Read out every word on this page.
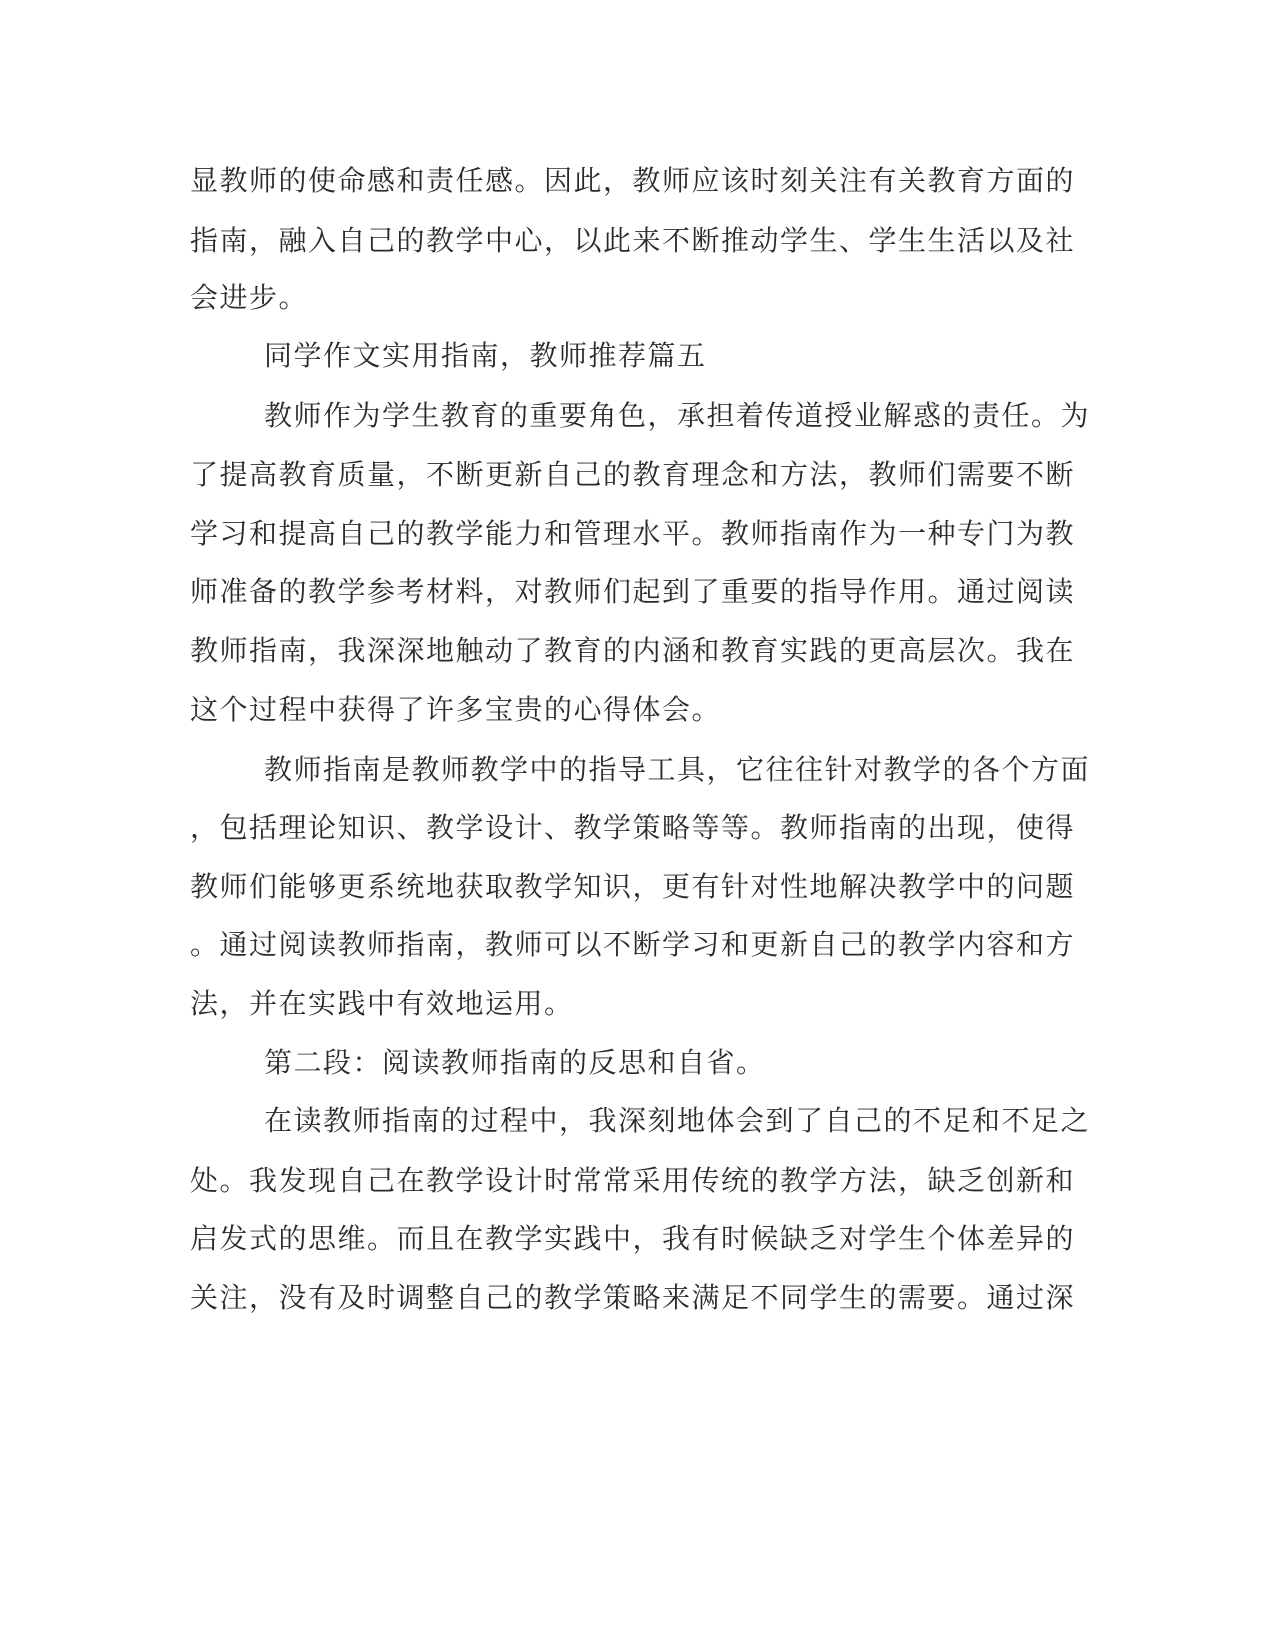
显教师的使命感和责任感。因此，教师应该时刻关注有关教育方面的

指南，融入自己的教学中心，以此来不断推动学生、学生生活以及社

会进步。

同学作文实用指南，教师推荐篇五

教师作为学生教育的重要角色，承担着传道授业解惑的责任。为

了提高教育质量，不断更新自己的教育理念和方法，教师们需要不断

学习和提高自己的教学能力和管理水平。教师指南作为一种专门为教

师准备的教学参考材料，对教师们起到了重要的指导作用。通过阅读

教师指南，我深深地触动了教育的内涵和教育实践的更高层次。我在

这个过程中获得了许多宝贵的心得体会。

教师指南是教师教学中的指导工具，它往往针对教学的各个方面

，包括理论知识、教学设计、教学策略等等。教师指南的出现，使得

教师们能够更系统地获取教学知识，更有针对性地解决教学中的问题

。通过阅读教师指南，教师可以不断学习和更新自己的教学内容和方

法，并在实践中有效地运用。

第二段：阅读教师指南的反思和自省。

在读教师指南的过程中，我深刻地体会到了自己的不足和不足之

处。我发现自己在教学设计时常常采用传统的教学方法，缺乏创新和

启发式的思维。而且在教学实践中，我有时候缺乏对学生个体差异的

关注，没有及时调整自己的教学策略来满足不同学生的需要。通过深
